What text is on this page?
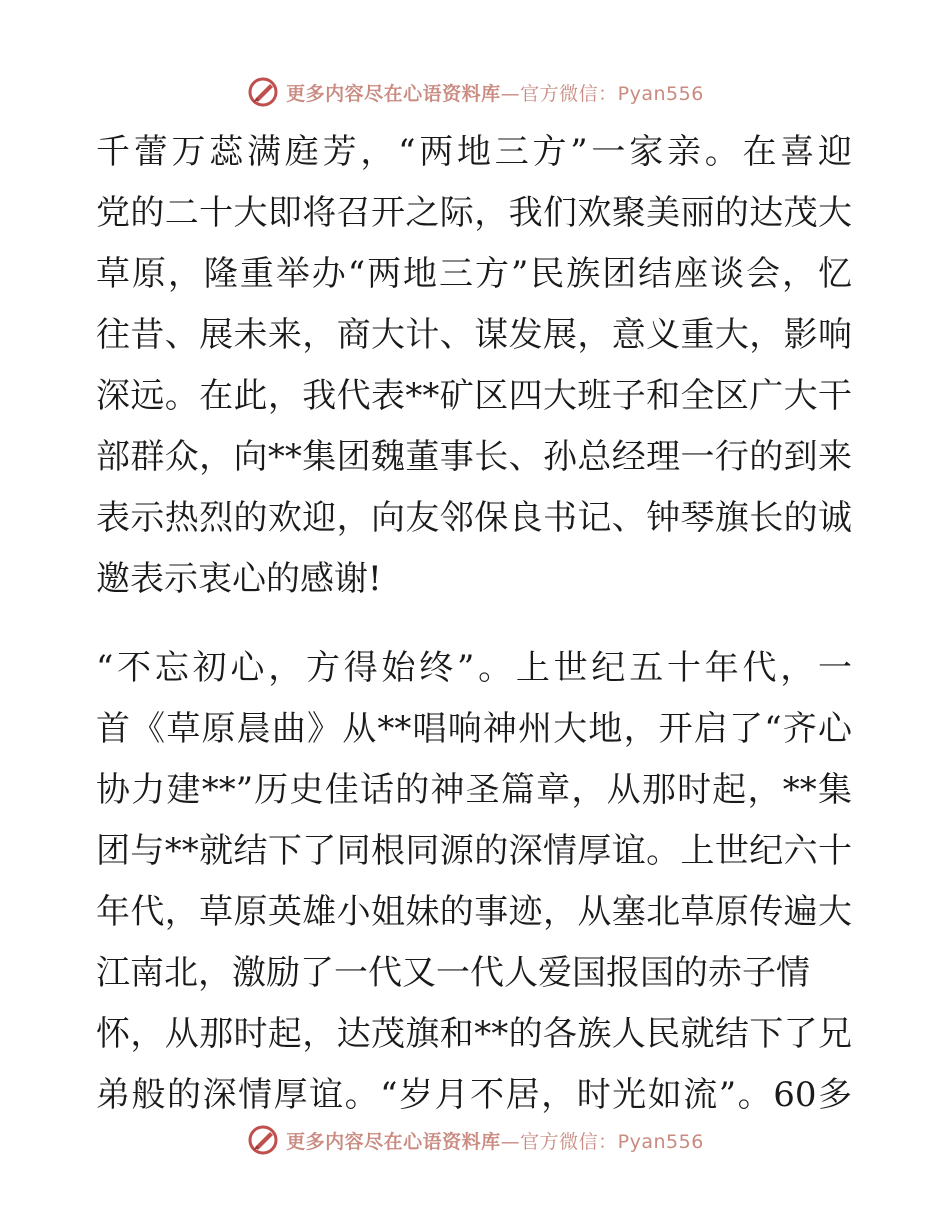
更多内容尽在心语资料库—官方微信：Pyan556
千蕾万蕊满庭芳，“两地三方”一家亲。在喜迎
党的二十大即将召开之际，我们欢聚美丽的达茂大
草原，隆重举办“两地三方”民族团结座谈会，忆
往昔、展未来，商大计、谋发展，意义重大，影响
深远。在此，我代表**矿区四大班子和全区广大干
部群众，向**集团魏董事长、孙总经理一行的到来
表示热烈的欢迎，向友邻保良书记、钟琴旗长的诚
邀表示衷心的感谢!
“不忘初心，方得始终”。上世纪五十年代，一
首《草原晨曲》从**唱响神州大地，开启了“齐心
协力建**”历史佳话的神圣篇章，从那时起，**集
团与**就结下了同根同源的深情厚谊。上世纪六十
年代，草原英雄小姐妹的事迹，从塞北草原传遍大
江南北，激励了一代又一代人爱国报国的赤子情
怀，从那时起，达茂旗和**的各族人民就结下了兄
弟般的深情厚谊。“岁月不居，时光如流”。60多
更多内容尽在心语资料库—官方微信：Pyan556
